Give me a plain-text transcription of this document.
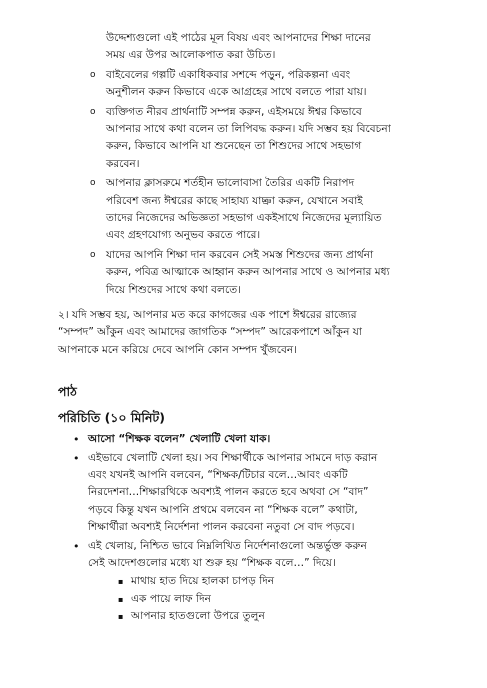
উদ্দেশ্যগুলো এই পাঠের মূল বিষয় এবং আপনাদের শিক্ষা দানের

সময় এর উপর আলোকপাত করা উচিত।

o বাইবেলের গল্পটি একাধিকবার সশব্দে পড়ুন, পরিকল্পনা এবং

অনুশীলন করুন কিভাবে একে আগ্রহের সাথে বলতে পারা যায়।

o ব্যক্তিগত নীরব প্রার্থনাটি সম্পন্ন করুন, এইসময়ে ঈশ্বর কিভাবে

আপনার সাথে কথা বলেন তা লিপিবদ্ধ করুন। যদি সম্ভব হয় বিবেচনা

করুন, কিভাবে আপনি যা শুনেছেন তা শিশুদের সাথে সহভাগ

করবেন।

o আপনার ক্লাসরুমে শর্তহীন ভালোবাসা তৈরির একটি নিরাপদ

পরিবেশ জন্য ঈশ্বরের কাছে সাহায্য যাচ্ঞা করুন, যেখানে সবাই

তাদের নিজেদের অভিজ্ঞতা সহভাগ একইসাথে নিজেদের মূল্যায়িত

এবং গ্রহণযোগ্য অনুভব করতে পারে।

o যাদের আপনি শিক্ষা দান করবেন সেই সমস্ত শিশুদের জন্য প্রার্থনা

করুন, পবিত্র আত্মাকে আহ্বান করুন আপনার সাথে ও আপনার মধ্য

দিয়ে শিশুদের সাথে কথা বলতে।

২। যদি সম্ভব হয়, আপনার মত করে কাগজের এক পাশে ঈশ্বরের রাজ্যের

“সম্পদ” আঁকুন এবং আমাদের জাগতিক “সম্পদ” আরেকপাশে আঁকুন যা

আপনাকে মনে করিয়ে দেবে আপনি কোন সম্পদ খুঁজবেন।

পাঠ

পরিচিতি (১০ মিনিট)

• আসো “শিক্ষক বলেন” খেলাটি খেলা যাক।

• এইভাবে খেলাটি খেলা হয়। সব শিক্ষার্থীকে আপনার সামনে দাড় করান

এবং যখনই আপনি বলবেন, “শিক্ষক/টিচার বলে…আবং একটি

নিরদেশনা…শিক্ষারথিকে অবশ্যই পালন করতে হবে অথবা সে “বাদ”

পড়বে কিন্তু যখন আপনি প্রথমে বলবেন না “শিক্ষক বলে” কথাটা,

শিক্ষার্থীরা অবশ্যই নির্দেশনা পালন করবেনা নতুবা সে বাদ পড়বে।

• এই খেলায়, নিশ্চিত ভাবে নিম্নলিখিত নির্দেশনাগুলো অন্তর্ভুক্ত করুন

সেই আদেশগুলোর মধ্যে যা শুরু হয় “শিক্ষক বলে…” দিয়ে।

▪ মাথায় হাত দিয়ে হালকা চাপড় দিন

▪ এক পায়ে লাফ দিন

▪ আপনার হাতগুলো উপরে তুলুন
